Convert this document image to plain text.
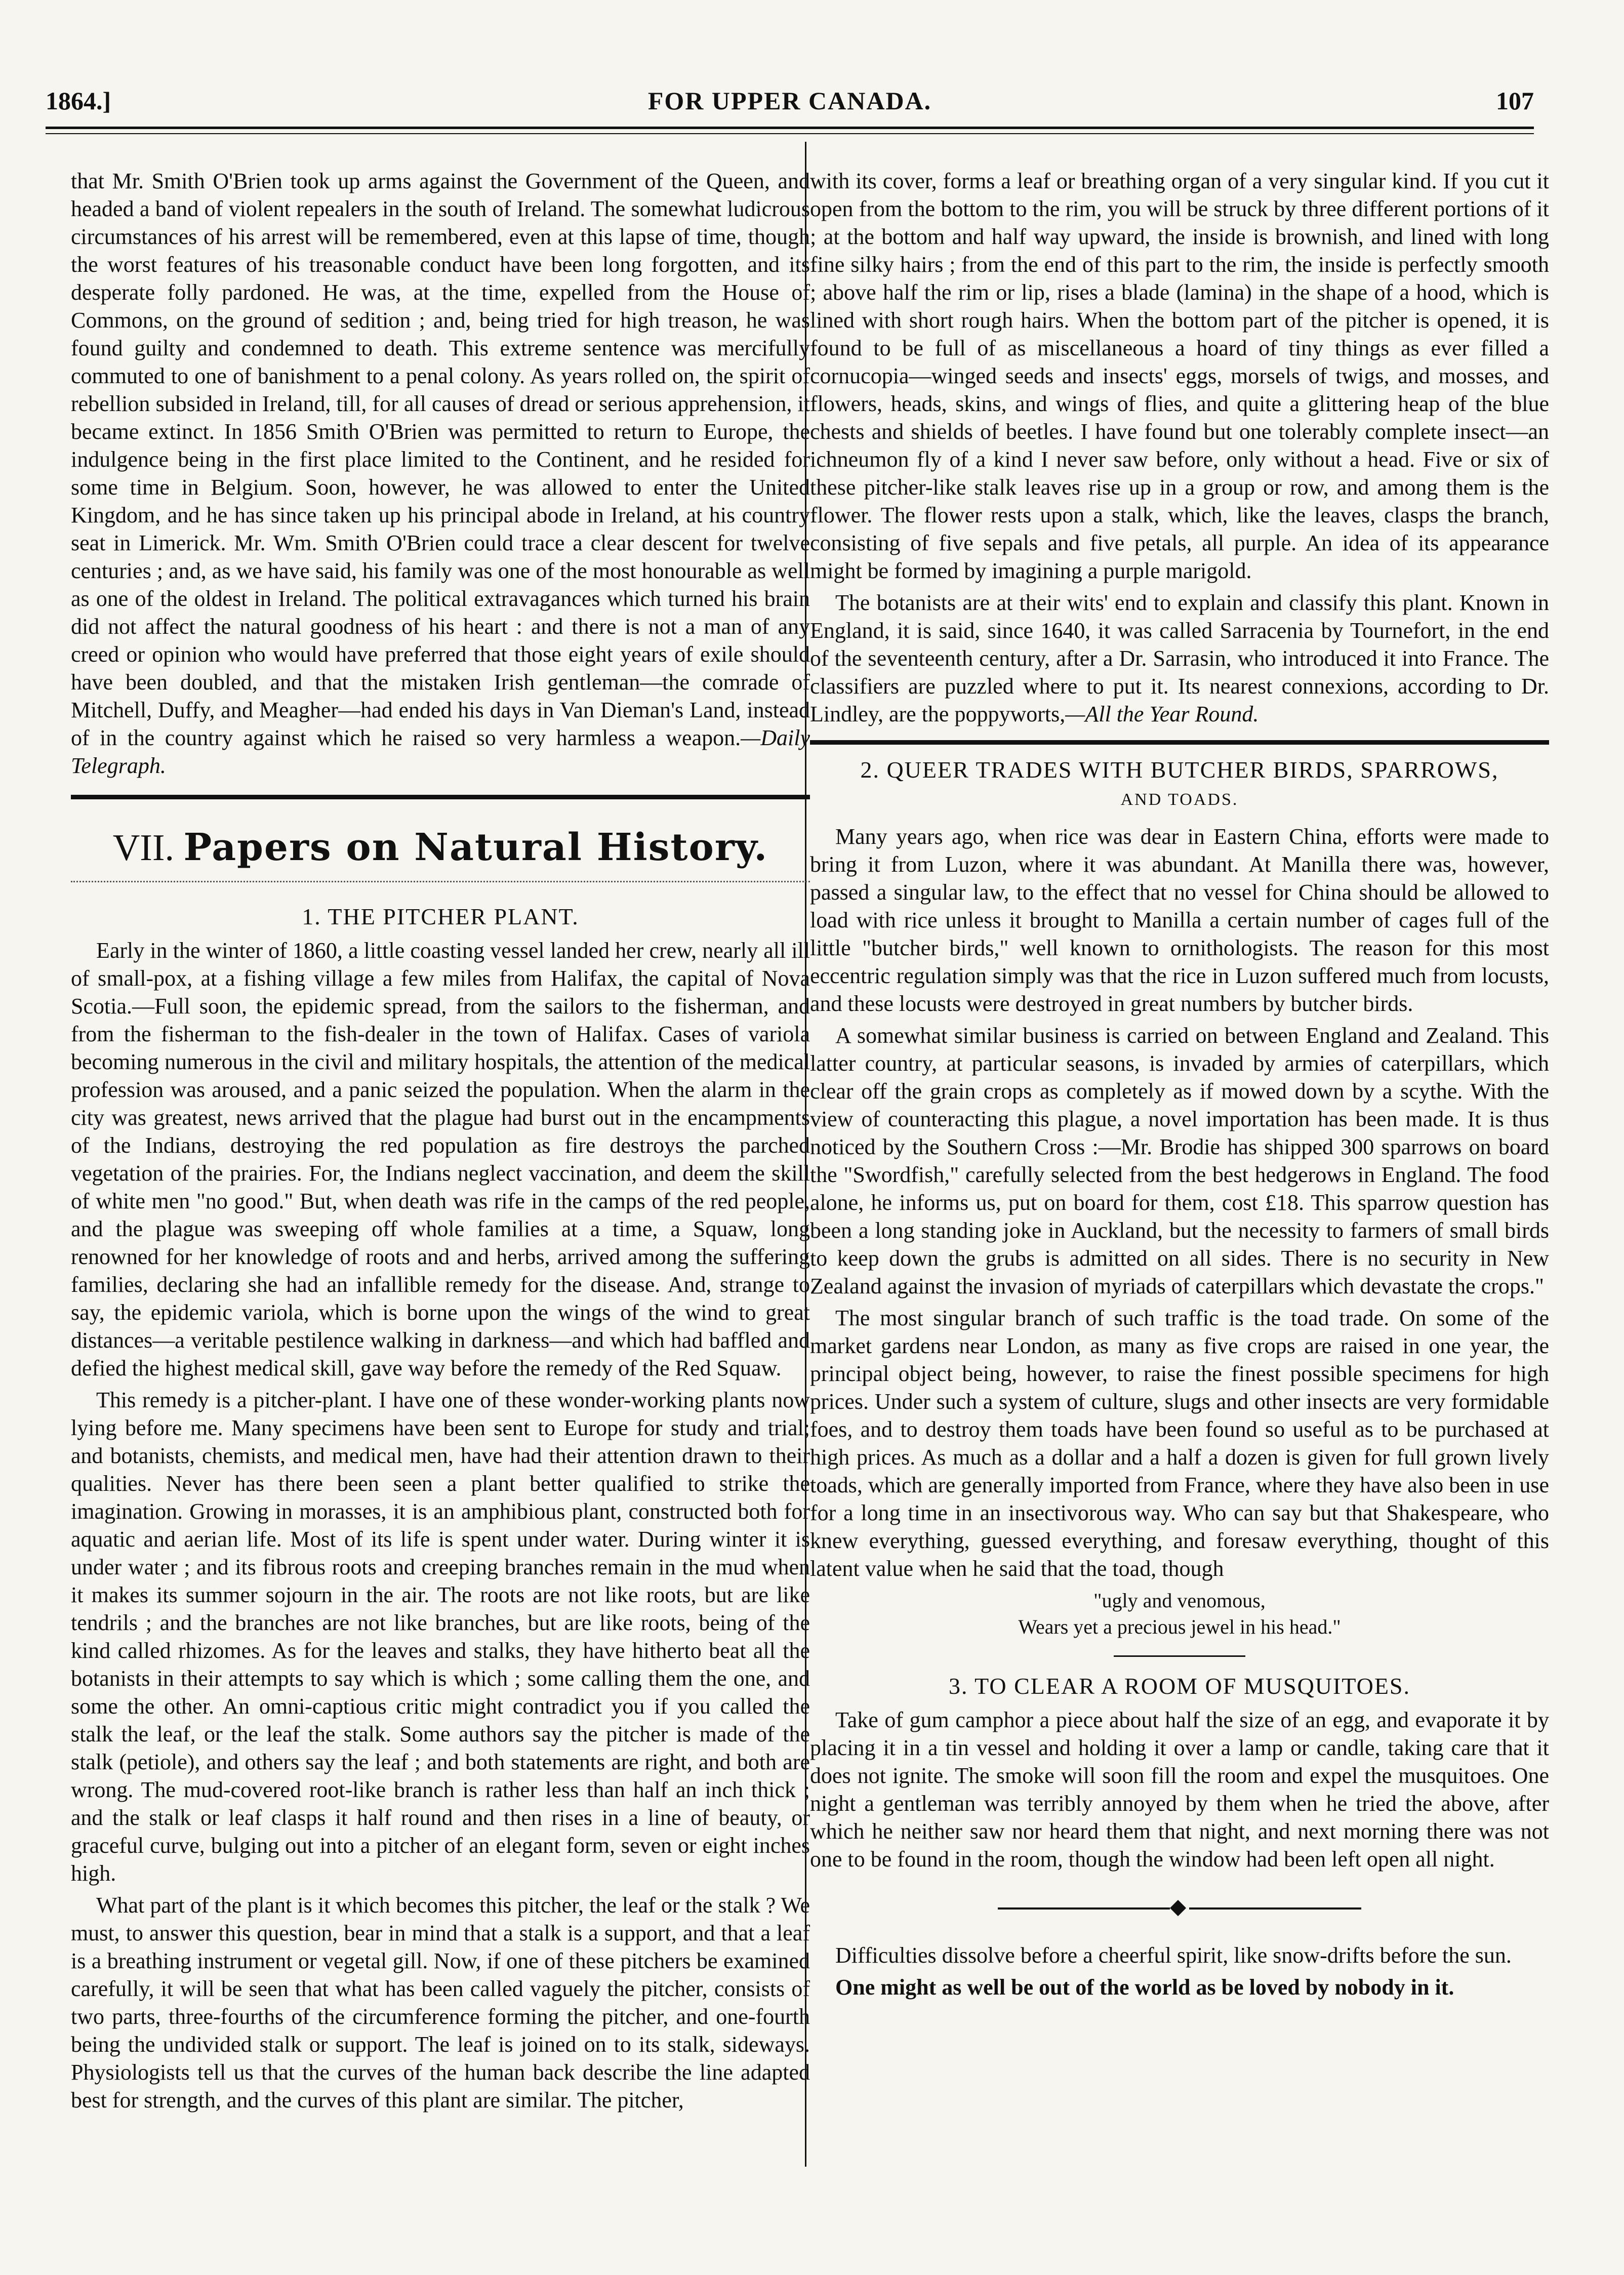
1864.]	FOR UPPER CANADA.	107

that Mr. Smith O'Brien took up arms against the Government of the Queen, and headed a band of violent repealers in the south of Ireland. The somewhat ludicrous circumstances of his arrest will be remembered, even at this lapse of time, though the worst features of his treasonable conduct have been long forgotten, and its desperate folly pardoned. He was, at the time, expelled from the House of Commons, on the ground of sedition ; and, being tried for high treason, he was found guilty and condemned to death. This extreme sentence was mercifully commuted to one of banishment to a penal colony. As years rolled on, the spirit of rebellion subsided in Ireland, till, for all causes of dread or serious apprehension, it became extinct. In 1856 Smith O'Brien was permitted to return to Europe, the indulgence being in the first place limited to the Continent, and he resided for some time in Belgium. Soon, however, he was allowed to enter the United Kingdom, and he has since taken up his principal abode in Ireland, at his country seat in Limerick. Mr. Wm. Smith O'Brien could trace a clear descent for twelve centuries ; and, as we have said, his family was one of the most honourable as well as one of the oldest in Ireland. The political extravagances which turned his brain did not affect the natural goodness of his heart : and there is not a man of any creed or opinion who would have preferred that those eight years of exile should have been doubled, and that the mistaken Irish gentleman—the comrade of Mitchell, Duffy, and Meagher—had ended his days in Van Dieman's Land, instead of in the country against which he raised so very harmless a weapon.—Daily Telegraph.

VII. Papers on Natural History.
1. THE PITCHER PLANT.

Early in the winter of 1860, a little coasting vessel landed her crew, nearly all ill of small-pox, at a fishing village a few miles from Halifax, the capital of Nova Scotia.—Full soon, the epidemic spread, from the sailors to the fisherman, and from the fisherman to the fish-dealer in the town of Halifax. Cases of variola becoming numerous in the civil and military hospitals, the attention of the medical profession was aroused, and a panic seized the population. When the alarm in the city was greatest, news arrived that the plague had burst out in the encampments of the Indians, destroying the red population as fire destroys the parched vegetation of the prairies. For, the Indians neglect vaccination, and deem the skill of white men "no good." But, when death was rife in the camps of the red people, and the plague was sweeping off whole families at a time, a Squaw, long renowned for her knowledge of roots and and herbs, arrived among the suffering families, declaring she had an infallible remedy for the disease. And, strange to say, the epidemic variola, which is borne upon the wings of the wind to great distances—a veritable pestilence walking in darkness—and which had baffled and defied the highest medical skill, gave way before the remedy of the Red Squaw.

This remedy is a pitcher-plant. I have one of these wonder-working plants now lying before me. Many specimens have been sent to Europe for study and trial; and botanists, chemists, and medical men, have had their attention drawn to their qualities. Never has there been seen a plant better qualified to strike the imagination. Growing in morasses, it is an amphibious plant, constructed both for aquatic and aerian life. Most of its life is spent under water. During winter it is under water ; and its fibrous roots and creeping branches remain in the mud when it makes its summer sojourn in the air. The roots are not like roots, but are like tendrils ; and the branches are not like branches, but are like roots, being of the kind called rhizomes. As for the leaves and stalks, they have hitherto beat all the botanists in their attempts to say which is which ; some calling them the one, and some the other. An omni-captious critic might contradict you if you called the stalk the leaf, or the leaf the stalk. Some authors say the pitcher is made of the stalk (petiole), and others say the leaf ; and both statements are right, and both are wrong. The mud-covered root-like branch is rather less than half an inch thick ; and the stalk or leaf clasps it half round and then rises in a line of beauty, or graceful curve, bulging out into a pitcher of an elegant form, seven or eight inches high.

What part of the plant is it which becomes this pitcher, the leaf or the stalk ? We must, to answer this question, bear in mind that a stalk is a support, and that a leaf is a breathing instrument or vegetal gill. Now, if one of these pitchers be examined carefully, it will be seen that what has been called vaguely the pitcher, consists of two parts, three-fourths of the circumference forming the pitcher, and one-fourth being the undivided stalk or support. The leaf is joined on to its stalk, sideways. Physiologists tell us that the curves of the human back describe the line adapted best for strength, and the curves of this plant are similar. The pitcher,

with its cover, forms a leaf or breathing organ of a very singular kind. If you cut it open from the bottom to the rim, you will be struck by three different portions of it ; at the bottom and half way upward, the inside is brownish, and lined with long fine silky hairs ; from the end of this part to the rim, the inside is perfectly smooth ; above half the rim or lip, rises a blade (lamina) in the shape of a hood, which is lined with short rough hairs. When the bottom part of the pitcher is opened, it is found to be full of as miscellaneous a hoard of tiny things as ever filled a cornucopia—winged seeds and insects' eggs, morsels of twigs, and mosses, and flowers, heads, skins, and wings of flies, and quite a glittering heap of the blue chests and shields of beetles. I have found but one tolerably complete insect—an ichneumon fly of a kind I never saw before, only without a head. Five or six of these pitcher-like stalk leaves rise up in a group or row, and among them is the flower. The flower rests upon a stalk, which, like the leaves, clasps the branch, consisting of five sepals and five petals, all purple. An idea of its appearance might be formed by imagining a purple marigold.

The botanists are at their wits' end to explain and classify this plant. Known in England, it is said, since 1640, it was called Sarracenia by Tournefort, in the end of the seventeenth century, after a Dr. Sarrasin, who introduced it into France. The classifiers are puzzled where to put it. Its nearest connexions, according to Dr. Lindley, are the poppyworts,—All the Year Round.

2. QUEER TRADES WITH BUTCHER BIRDS, SPARROWS,
AND TOADS.

Many years ago, when rice was dear in Eastern China, efforts were made to bring it from Luzon, where it was abundant. At Manilla there was, however, passed a singular law, to the effect that no vessel for China should be allowed to load with rice unless it brought to Manilla a certain number of cages full of the little "butcher birds," well known to ornithologists. The reason for this most eccentric regulation simply was that the rice in Luzon suffered much from locusts, and these locusts were destroyed in great numbers by butcher birds.

A somewhat similar business is carried on between England and Zealand. This latter country, at particular seasons, is invaded by armies of caterpillars, which clear off the grain crops as completely as if mowed down by a scythe. With the view of counteracting this plague, a novel importation has been made. It is thus noticed by the Southern Cross :—Mr. Brodie has shipped 300 sparrows on board the "Swordfish," carefully selected from the best hedgerows in England. The food alone, he informs us, put on board for them, cost £18. This sparrow question has been a long standing joke in Auckland, but the necessity to farmers of small birds to keep down the grubs is admitted on all sides. There is no security in New Zealand against the invasion of myriads of caterpillars which devastate the crops."

The most singular branch of such traffic is the toad trade. On some of the market gardens near London, as many as five crops are raised in one year, the principal object being, however, to raise the finest possible specimens for high prices. Under such a system of culture, slugs and other insects are very formidable foes, and to destroy them toads have been found so useful as to be purchased at high prices. As much as a dollar and a half a dozen is given for full grown lively toads, which are generally imported from France, where they have also been in use for a long time in an insectivorous way. Who can say but that Shakespeare, who knew everything, guessed everything, and foresaw everything, thought of this latent value when he said that the toad, though

"ugly and venomous,
Wears yet a precious jewel in his head."
3. TO CLEAR A ROOM OF MUSQUITOES.

Take of gum camphor a piece about half the size of an egg, and evaporate it by placing it in a tin vessel and holding it over a lamp or candle, taking care that it does not ignite. The smoke will soon fill the room and expel the musquitoes. One night a gentleman was terribly annoyed by them when he tried the above, after which he neither saw nor heard them that night, and next morning there was not one to be found in the room, though the window had been left open all night.

◆

Difficulties dissolve before a cheerful spirit, like snow-drifts before the sun.

One might as well be out of the world as be loved by nobody in it.
